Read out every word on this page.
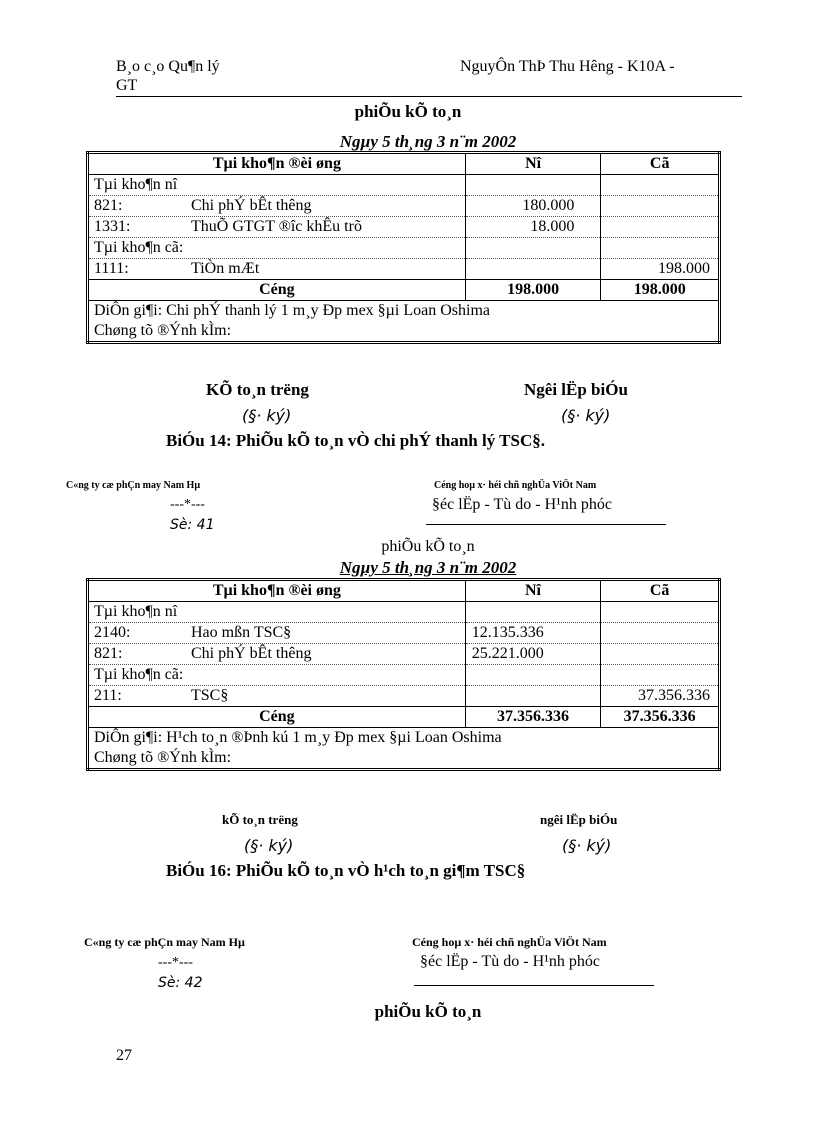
B¸o c¸o Qu¶n lý
GT
NguyÔn ThÞ Thu Hêng - K10A -
phiÕu kÕ to¸n
Ngµy 5 th¸ng 3 n¨m 2002
Tµi kho¶n ®èi øng	Nî	Cã
Tµi kho¶n nî		
821: Chi phÝ bÊt thêng	180.000	
1331: ThuÕ GTGT ®îc khÊu trõ	18.000	
Tµi kho¶n cã:		
1111: TiÒn mÆt		198.000
Céng	198.000	198.000
DiÔn gi¶i: Chi phÝ thanh lý 1 m¸y Ðp mex §µi Loan Oshima		
Chøng tõ ®Ýnh kÌm:		
KÕ to¸n trëng	Ngêi lËp biÓu
(§· ký)	(§· ký)
BiÓu 14: PhiÕu kÕ to¸n vÒ chi phÝ thanh lý TSC§.
C«ng ty cæ phÇn may Nam Hµ
---*---
Sè: 41
Céng hoµ x· héi chñ nghÜa ViÖt Nam
§éc lËp - Tù do - H¹nh phóc
phiÕu kÕ to¸n
Ngµy 5 th¸ng 3 n¨m 2002
Tµi kho¶n ®èi øng	Nî	Cã
Tµi kho¶n nî		
2140: Hao mßn TSC§	12.135.336	
821: Chi phÝ bÊt thêng	25.221.000	
Tµi kho¶n cã:		
211: TSC§		37.356.336
Céng	37.356.336	37.356.336
DiÔn gi¶i: H¹ch to¸n ®Þnh kú 1 m¸y Ðp mex §µi Loan Oshima		
Chøng tõ ®Ýnh kÌm:		
kÕ to¸n trëng	ngêi lËp biÓu
(§· ký)	(§· ký)
BiÓu 16: PhiÕu kÕ to¸n vÒ h¹ch to¸n gi¶m TSC§
C«ng ty cæ phÇn may Nam Hµ
---*---
Sè: 42
Céng hoµ x· héi chñ nghÜa ViÖt Nam
§éc lËp - Tù do - H¹nh phóc
phiÕu kÕ to¸n
27
